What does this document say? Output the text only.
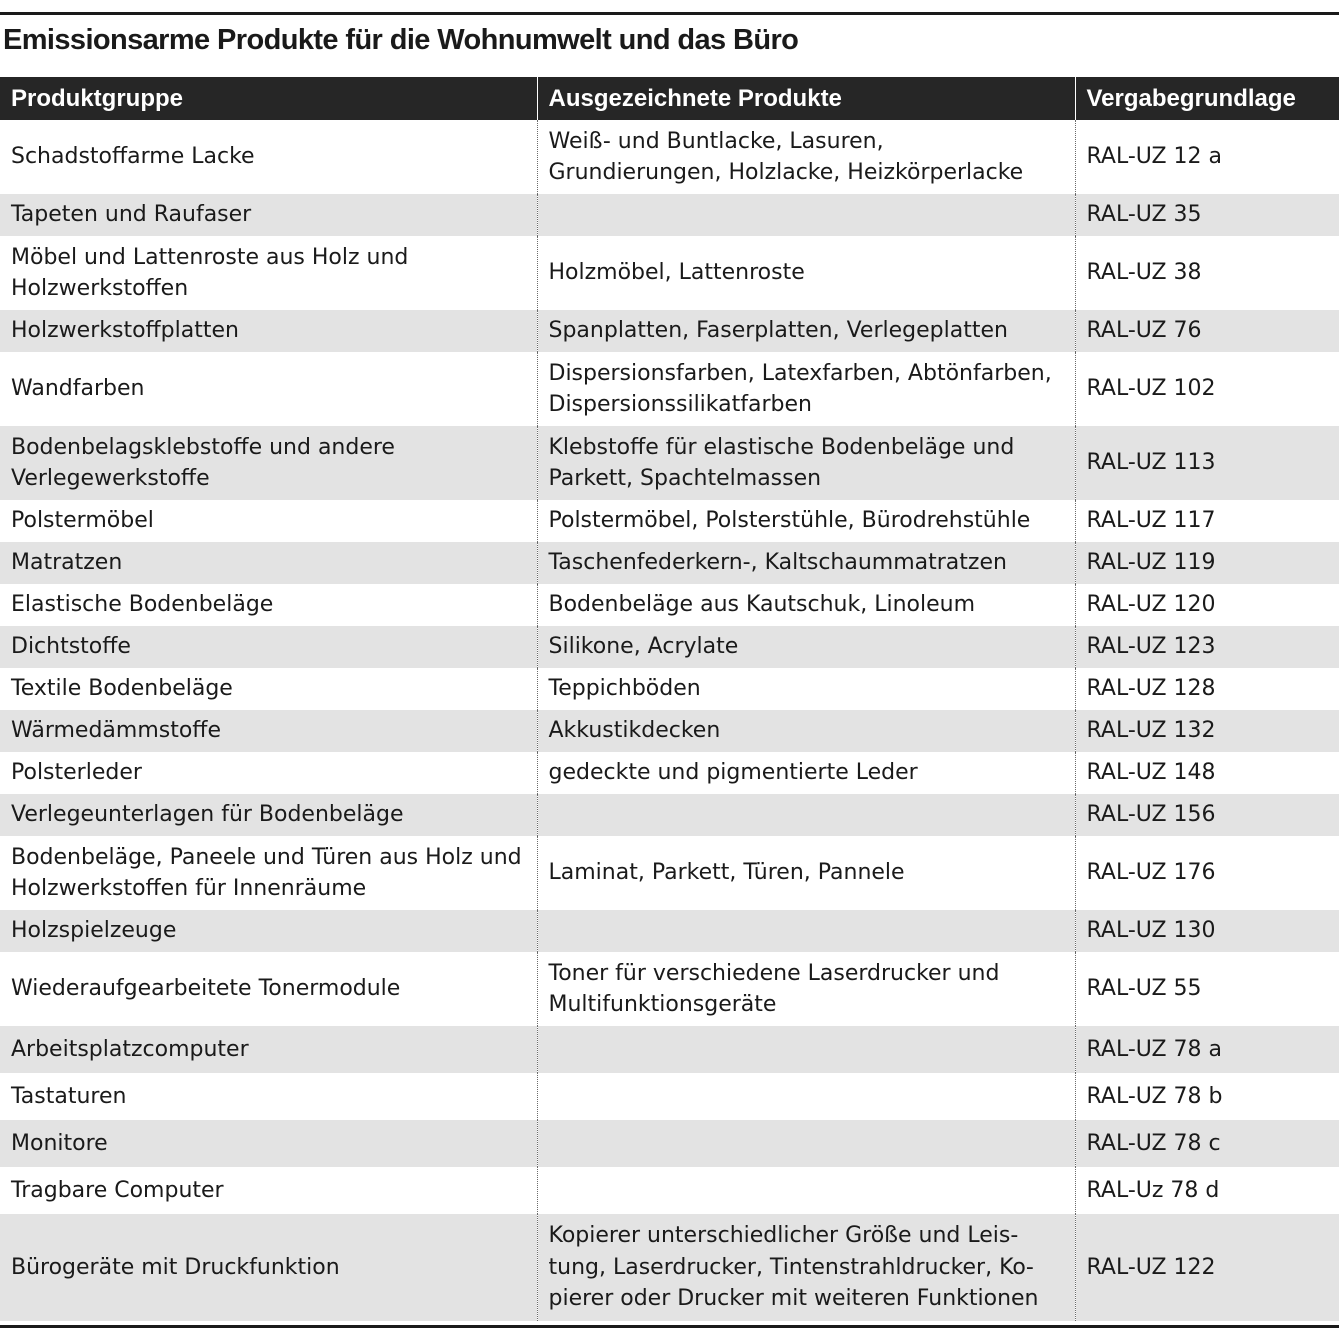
Emissionsarme Produkte für die Wohnumwelt und das Büro
Produktgruppe	Ausgezeichnete Produkte	Vergabegrundlage
Schadstoffarme Lacke	Weiß- und Buntlacke, Lasuren, Grundierungen, Holzlacke, Heizkörperlacke	RAL-UZ 12 a
Tapeten und Raufaser		RAL-UZ 35
Möbel und Lattenroste aus Holz und Holzwerkstoffen	Holzmöbel, Lattenroste	RAL-UZ 38
Holzwerkstoffplatten	Spanplatten, Faserplatten, Verlegeplatten	RAL-UZ 76
Wandfarben	Dispersionsfarben, Latexfarben, Abtönfarben, Dispersionssilikatfarben	RAL-UZ 102
Bodenbelagsklebstoffe und andere Verlegewerkstoffe	Klebstoffe für elastische Bodenbeläge und Parkett, Spachtelmassen	RAL-UZ 113
Polstermöbel	Polstermöbel, Polsterstühle, Bürodrehstühle	RAL-UZ 117
Matratzen	Taschenfederkern-, Kaltschaummatratzen	RAL-UZ 119
Elastische Bodenbeläge	Bodenbeläge aus Kautschuk, Linoleum	RAL-UZ 120
Dichtstoffe	Silikone, Acrylate	RAL-UZ 123
Textile Bodenbeläge	Teppichböden	RAL-UZ 128
Wärmedämmstoffe	Akkustikdecken	RAL-UZ 132
Polsterleder	gedeckte und pigmentierte Leder	RAL-UZ 148
Verlegeunterlagen für Bodenbeläge		RAL-UZ 156
Bodenbeläge, Paneele und Türen aus Holz und Holzwerkstoffen für Innenräume	Laminat, Parkett, Türen, Pannele	RAL-UZ 176
Holzspielzeuge		RAL-UZ 130
Wiederaufgearbeitete Tonermodule	Toner für verschiedene Laserdrucker und Multifunktionsgeräte	RAL-UZ 55
Arbeitsplatzcomputer		RAL-UZ 78 a
Tastaturen		RAL-UZ 78 b
Monitore		RAL-UZ 78 c
Tragbare Computer		RAL-Uz 78 d
Bürogeräte mit Druckfunktion	Kopierer unterschiedlicher Größe und Leistung, Laserdrucker, Tintenstrahldrucker, Kopierer oder Drucker mit weiteren Funktionen	RAL-UZ 122
